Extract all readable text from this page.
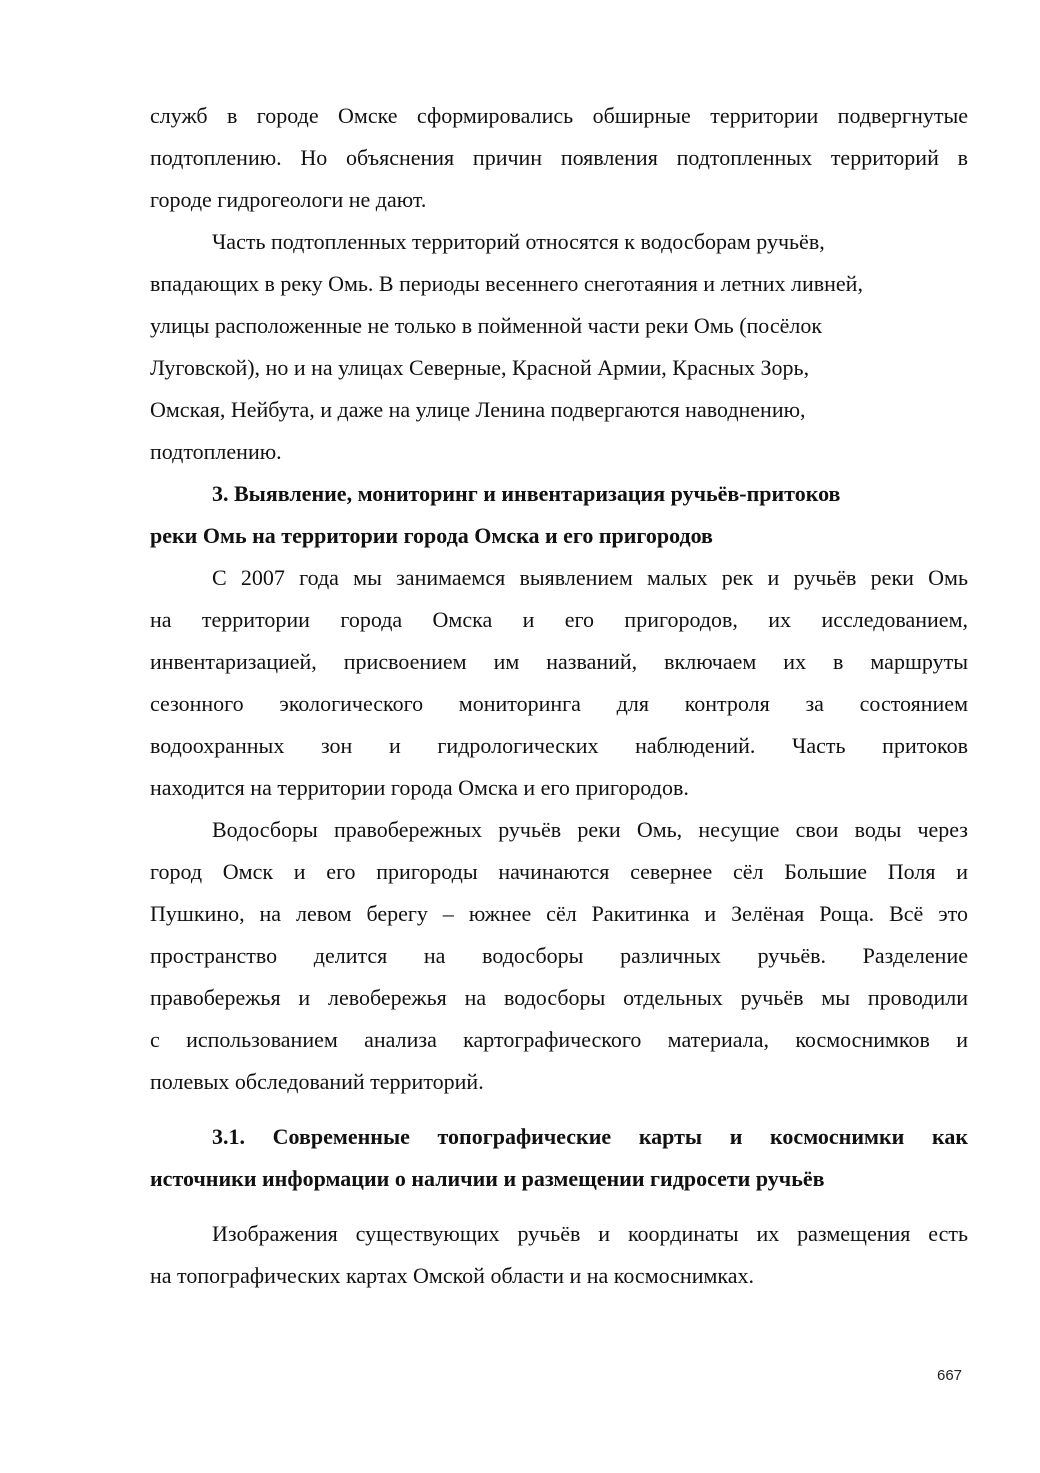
служб в городе Омске сформировались обширные территории подвергнутые
подтоплению. Но объяснения причин появления подтопленных территорий в
городе гидрогеологи не дают.
Часть подтопленных территорий относятся к водосборам ручьёв,
впадающих в реку Омь. В периоды весеннего снеготаяния и летних ливней,
улицы расположенные не только в пойменной части реки Омь (посёлок
Луговской), но и на улицах Северные, Красной Армии, Красных Зорь,
Омская, Нейбута, и даже на улице Ленина подвергаются наводнению,
подтоплению.
3. Выявление, мониторинг и инвентаризация ручьёв-притоков
реки Омь на территории города Омска и его пригородов
С 2007 года мы занимаемся выявлением малых рек и ручьёв реки Омь
на территории города Омска и его пригородов, их исследованием,
инвентаризацией, присвоением им названий, включаем их в маршруты
сезонного экологического мониторинга для контроля за состоянием
водоохранных зон и гидрологических наблюдений. Часть притоков
находится на территории города Омска и его пригородов.
Водосборы правобережных ручьёв реки Омь, несущие свои воды через
город Омск и его пригороды начинаются севернее сёл Большие Поля и
Пушкино, на левом берегу – южнее сёл Ракитинка и Зелёная Роща. Всё это
пространство делится на водосборы различных ручьёв. Разделение
правобережья и левобережья на водосборы отдельных ручьёв мы проводили
с использованием анализа картографического материала, космоснимков и
полевых обследований территорий.
3.1. Современные топографические карты и космоснимки как
источники информации о наличии и размещении гидросети ручьёв
Изображения существующих ручьёв и координаты их размещения есть
на топографических картах Омской области и на космоснимках.
667
